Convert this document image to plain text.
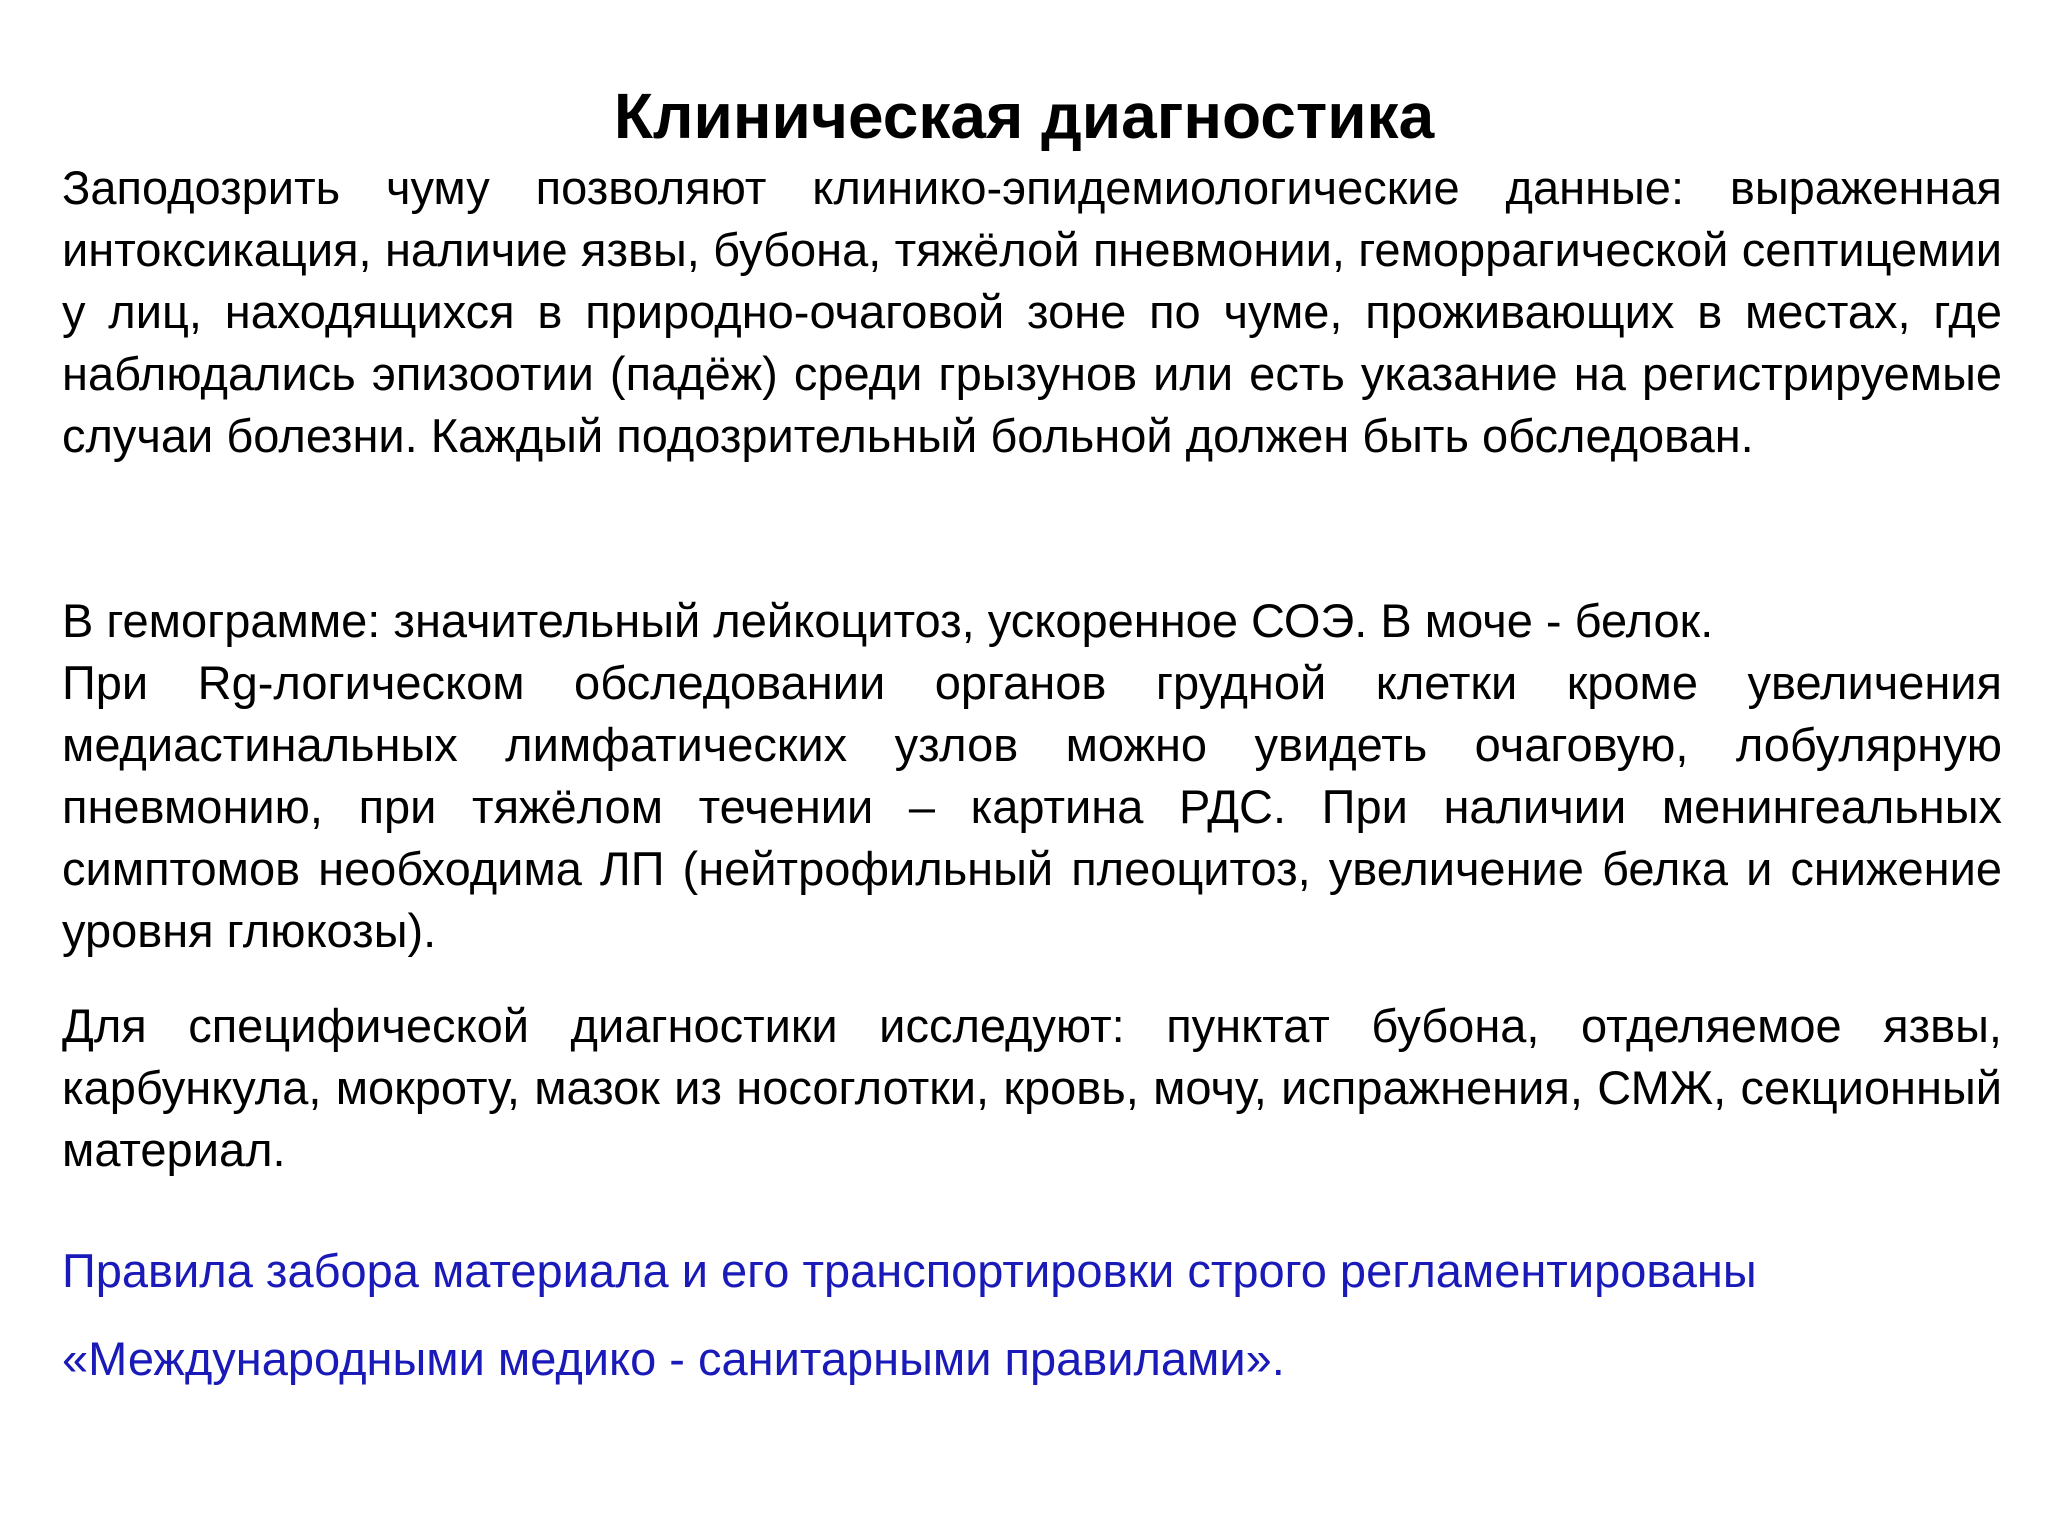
Клиническая диагностика

Заподозрить чуму позволяют клинико-эпидемиологические данные: выраженная интоксикация, наличие язвы, бубона, тяжёлой пневмонии, геморрагической септицемии у лиц, находящихся в природно-очаговой зоне по чуме, проживающих в местах, где наблюдались эпизоотии (падёж) среди грызунов или есть указание на регистрируемые случаи болезни. Каждый подозрительный больной должен быть обследован.

В гемограмме: значительный лейкоцитоз, ускоренное СОЭ. В моче - белок.

При Rg-логическом обследовании органов грудной клетки кроме увеличения медиастинальных лимфатических узлов можно увидеть очаговую, лобулярную пневмонию, при тяжёлом течении – картина РДС. При наличии менингеальных симптомов необходима ЛП (нейтрофильный плеоцитоз, увеличение белка и снижение уровня глюкозы).

Для специфической диагностики исследуют: пунктат бубона, отделяемое язвы, карбункула, мокроту, мазок из носоглотки, кровь, мочу, испражнения, СМЖ, секционный материал.

Правила забора материала и его транспортировки строго регламентированы

«Международными медико - санитарными правилами».
